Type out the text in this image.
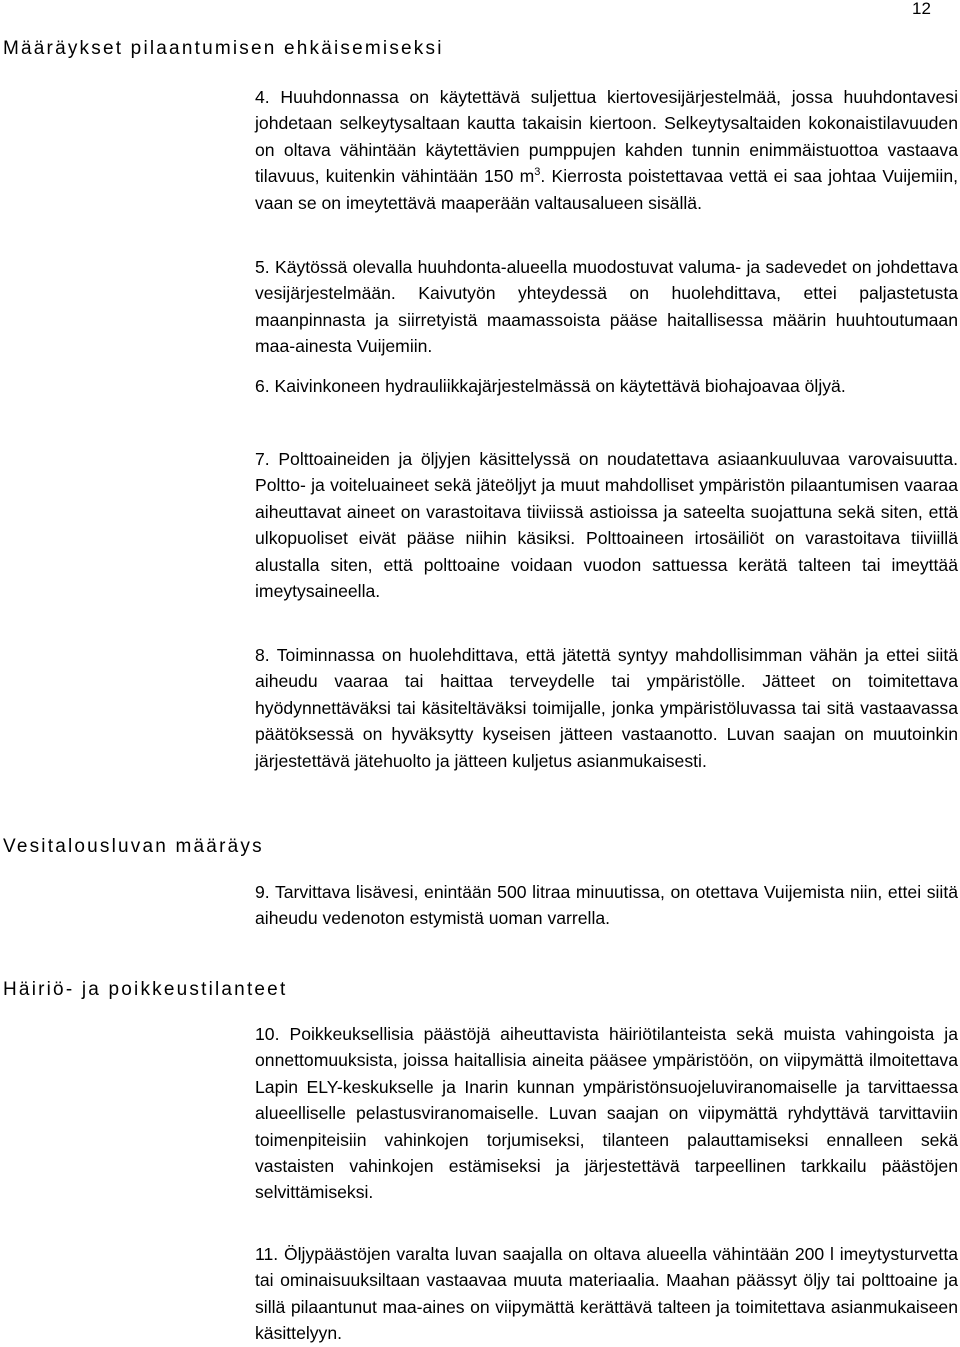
12
Määräykset pilaantumisen ehkäisemiseksi

4. Huuhdonnassa on käytettävä suljettua kiertovesijärjestelmää, jossa huuhdontavesi johdetaan selkeytysaltaan kautta takaisin kiertoon. Selkeytysaltaiden kokonaistilavuuden on oltava vähintään käytettävien pumppujen kahden tunnin enimmäistuottoa vastaava tilavuus, kuitenkin vähintään 150 $m^3$. Kierrosta poistettavaa vettä ei saa johtaa Vuijemiin, vaan se on imeytettävä maaperään valtausalueen sisällä.

5. Käytössä olevalla huuhdonta-alueella muodostuvat valuma- ja sadevedet on johdettava vesijärjestelmään. Kaivutyön yhteydessä on huolehdittava, ettei paljastetusta maanpinnasta ja siirretyistä maamassoista pääse haitallisessa määrin huuhtoutumaan maa-ainesta Vuijemiin.

6. Kaivinkoneen hydrauliikkajärjestelmässä on käytettävä biohajoavaa öljyä.

7. Polttoaineiden ja öljyjen käsittelyssä on noudatettava asiaankuuluvaa varovaisuutta. Poltto- ja voiteluaineet sekä jäteöljyt ja muut mahdolliset ympäristön pilaantumisen vaaraa aiheuttavat aineet on varastoitava tiiviissä astioissa ja sateelta suojattuna sekä siten, että ulkopuoliset eivät pääse niihin käsiksi. Polttoaineen irtosäiliöt on varastoitava tiiviillä alustalla siten, että polttoaine voidaan vuodon sattuessa kerätä talteen tai imeyttää imeytysaineella.

8. Toiminnassa on huolehdittava, että jätettä syntyy mahdollisimman vähän ja ettei siitä aiheudu vaaraa tai haittaa terveydelle tai ympäristölle. Jätteet on toimitettava hyödynnettäväksi tai käsiteltäväksi toimijalle, jonka ympäristöluvassa tai sitä vastaavassa päätöksessä on hyväksytty kyseisen jätteen vastaanotto. Luvan saajan on muutoinkin järjestettävä jätehuolto ja jätteen kuljetus asianmukaisesti.

Vesitalousluvan määräys

9. Tarvittava lisävesi, enintään 500 litraa minuutissa, on otettava Vuijemista niin, ettei siitä aiheudu vedenoton estymistä uoman varrella.

Häiriö- ja poikkeustilanteet

10. Poikkeuksellisia päästöjä aiheuttavista häiriötilanteista sekä muista vahingoista ja onnettomuuksista, joissa haitallisia aineita pääsee ympäristöön, on viipymättä ilmoitettava Lapin ELY-keskukselle ja Inarin kunnan ympäristönsuojeluviranomaiselle ja tarvittaessa alueelliselle pelastusviranomaiselle. Luvan saajan on viipymättä ryhdyttävä tarvittaviin toimenpiteisiin vahinkojen torjumiseksi, tilanteen palauttamiseksi ennalleen sekä vastaisten vahinkojen estämiseksi ja järjestettävä tarpeellinen tarkkailu päästöjen selvittämiseksi.

11. Öljypäästöjen varalta luvan saajalla on oltava alueella vähintään 200 l imeytysturvetta tai ominaisuuksiltaan vastaavaa muuta materiaalia. Maahan päässyt öljy tai polttoaine ja sillä pilaantunut maa-aines on viipymättä kerättävä talteen ja toimitettava asianmukaiseen käsittelyyn.
